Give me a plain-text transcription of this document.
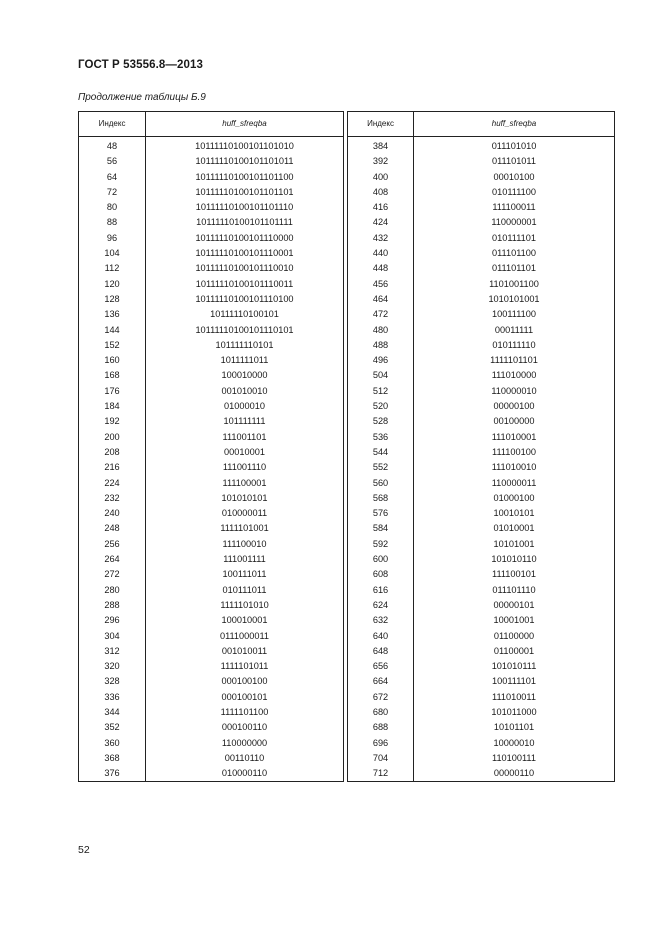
ГОСТ Р 53556.8—2013
Продолжение таблицы Б.9
Индекс	huff_sfreqba
48	10111110100101101010
56	10111110100101101011
64	10111110100101101100
72	10111110100101101101
80	10111110100101101110
88	10111110100101101111
96	10111110100101110000
104	10111110100101110001
112	10111110100101110010
120	10111110100101110011
128	10111110100101110100
136	10111110100101
144	10111110100101110101
152	101111110101
160	1011111011
168	100010000
176	001010010
184	01000010
192	101111111
200	111001101
208	00010001
216	111001110
224	111100001
232	101010101
240	010000011
248	1111101001
256	111100010
264	111001111
272	100111011
280	010111011
288	1111101010
296	100010001
304	0111000011
312	001010011
320	1111101011
328	000100100
336	000100101
344	1111101100
352	000100110
360	110000000
368	00110110
376	010000110
Индекс	huff_sfreqba
384	011101010
392	011101011
400	00010100
408	010111100
416	111100011
424	110000001
432	010111101
440	011101100
448	011101101
456	1101001100
464	1010101001
472	100111100
480	00011111
488	010111110
496	1111101101
504	111010000
512	110000010
520	00000100
528	00100000
536	111010001
544	111100100
552	111010010
560	110000011
568	01000100
576	10010101
584	01010001
592	10101001
600	101010110
608	111100101
616	011101110
624	00000101
632	10001001
640	01100000
648	01100001
656	101010111
664	100111101
672	111010011
680	101011000
688	10101101
696	10000010
704	110100111
712	00000110
52
